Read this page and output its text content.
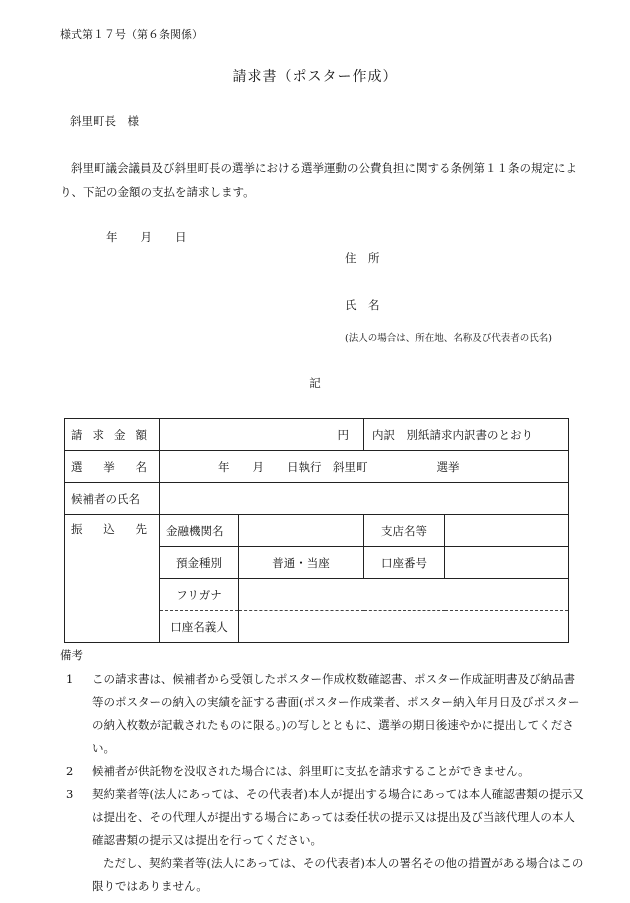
様式第１７号（第６条関係）
請求書（ポスター作成）
斜里町長　様
斜里町議会議員及び斜里町長の選挙における選挙運動の公費負担に関する条例第１１条の規定により、下記の金額の支払を請求します。
年　　月　　日
住　所
氏　名
(法人の場合は、所在地、名称及び代表者の氏名)
記
請 求 金 額	円		内訳　別紙請求内訳書のとおり	

選 挙 名	年　　月　　日執行　斜里町　　　　　　選挙			
候補者の氏名				

振 込 先	金融機関名		支店名等	
	預金種別	普通・当座	口座番号	
	フリガナ			
	口座名義人			
備考
1	この請求書は、候補者から受領したポスター作成枚数確認書、ポスター作成証明書及び納品書等のポスターの納入の実績を証する書面(ポスター作成業者、ポスター納入年月日及びポスターの納入枚数が記載されたものに限る。)の写しとともに、選挙の期日後速やかに提出してください。
2	候補者が供託物を没収された場合には、斜里町に支払を請求することができません。
3	契約業者等(法人にあっては、その代表者)本人が提出する場合にあっては本人確認書類の提示又は提出を、その代理人が提出する場合にあっては委任状の提示又は提出及び当該代理人の本人確認書類の提示又は提出を行ってください。
ただし、契約業者等(法人にあっては、その代表者)本人の署名その他の措置がある場合はこの限りではありません。
